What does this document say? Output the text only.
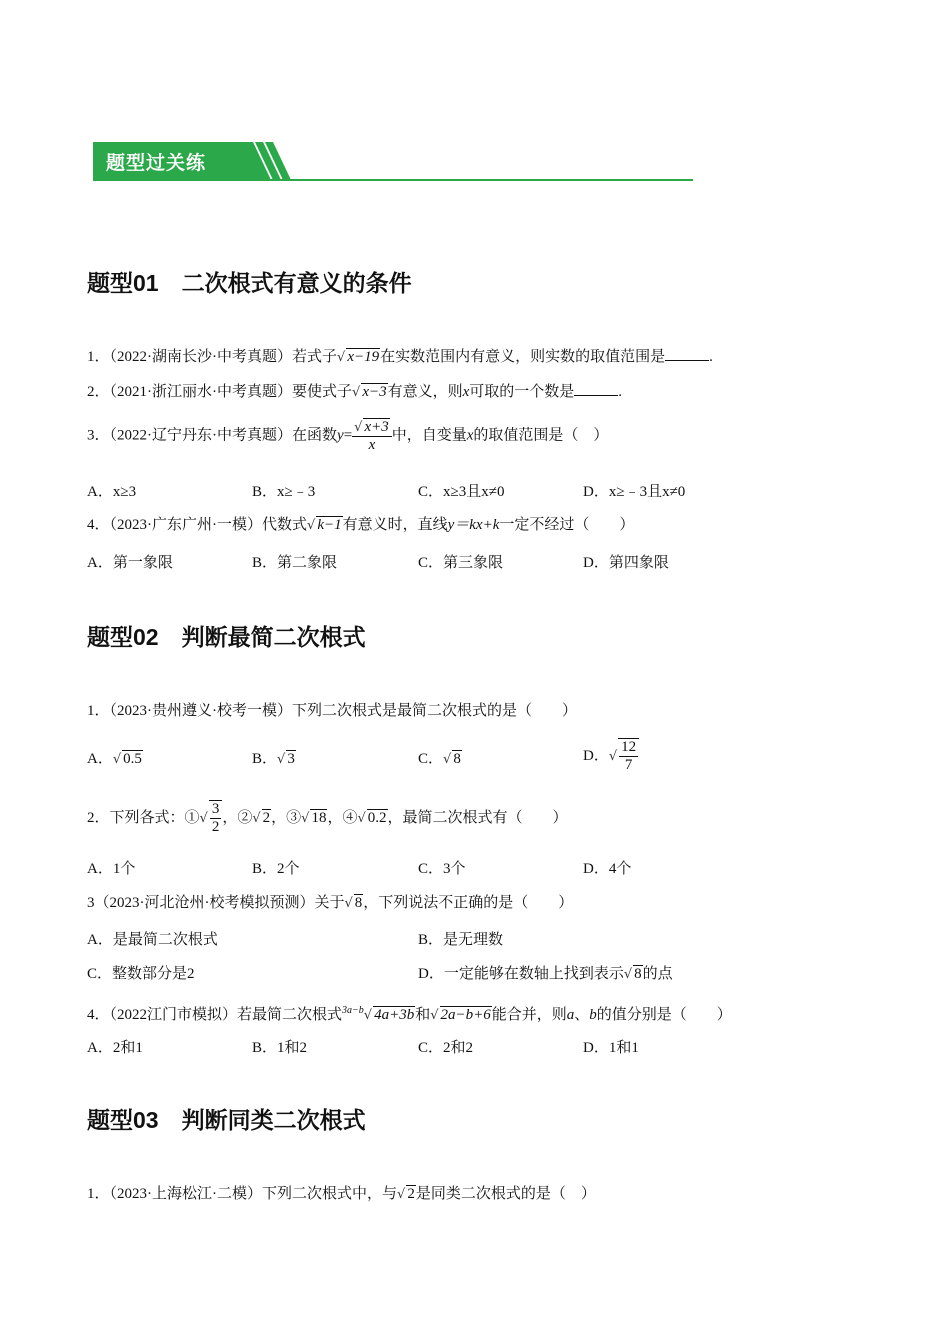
题型过关练
题型01　二次根式有意义的条件
1．（2022·湖南长沙·中考真题）若式子√ x−19在实数范围内有意义，则实数的取值范围是	.
2．（2021·浙江丽水·中考真题）要使式子√ x−3有意义，则x可取的一个数是	.
3．（2022·辽宁丹东·中考真题）在函数$y= \frac{√ x+3}{x}$ 中，自变量x的取值范围是（　）
A．x≥3	B．x≥﹣3	C．x≥3且x≠0	D．x≥﹣3且x≠0
4．（2023·广东广州·一模）代数式√ k−1有意义时，直线y＝kx+k一定不经过（　　）
A．第一象限	B．第二象限	C．第三象限	D．第四象限
题型02　判断最简二次根式
1．（2023·贵州遵义·校考一模）下列二次根式是最简二次根式的是（　　）
A．√ 0.5	B．√ 3	C．√ 8	D．√ $\frac{12}{7}$
2．下列各式：①√ $\frac{3}{2}$ ，②√ 2，③√ 18，④√ 0.2，最简二次根式有（　　）
A．1个	B．2个	C．3个	D．4个
3（2023·河北沧州·校考模拟预测）关于√ 8，下列说法不正确的是（　　）
A．是最简二次根式	B．是无理数
C．整数部分是2	D．一定能够在数轴上找到表示√ 8的点
4．（2022江门市模拟）若最简二次根式$^{3a-b}$√ 4a+3b和√ 2a−b+6能合并，则a、b的值分别是（　　）
A．2和1	B．1和2	C．2和2	D．1和1
题型03　判断同类二次根式
1．（2023·上海松江·二模）下列二次根式中，与√ 2是同类二次根式的是（　）
